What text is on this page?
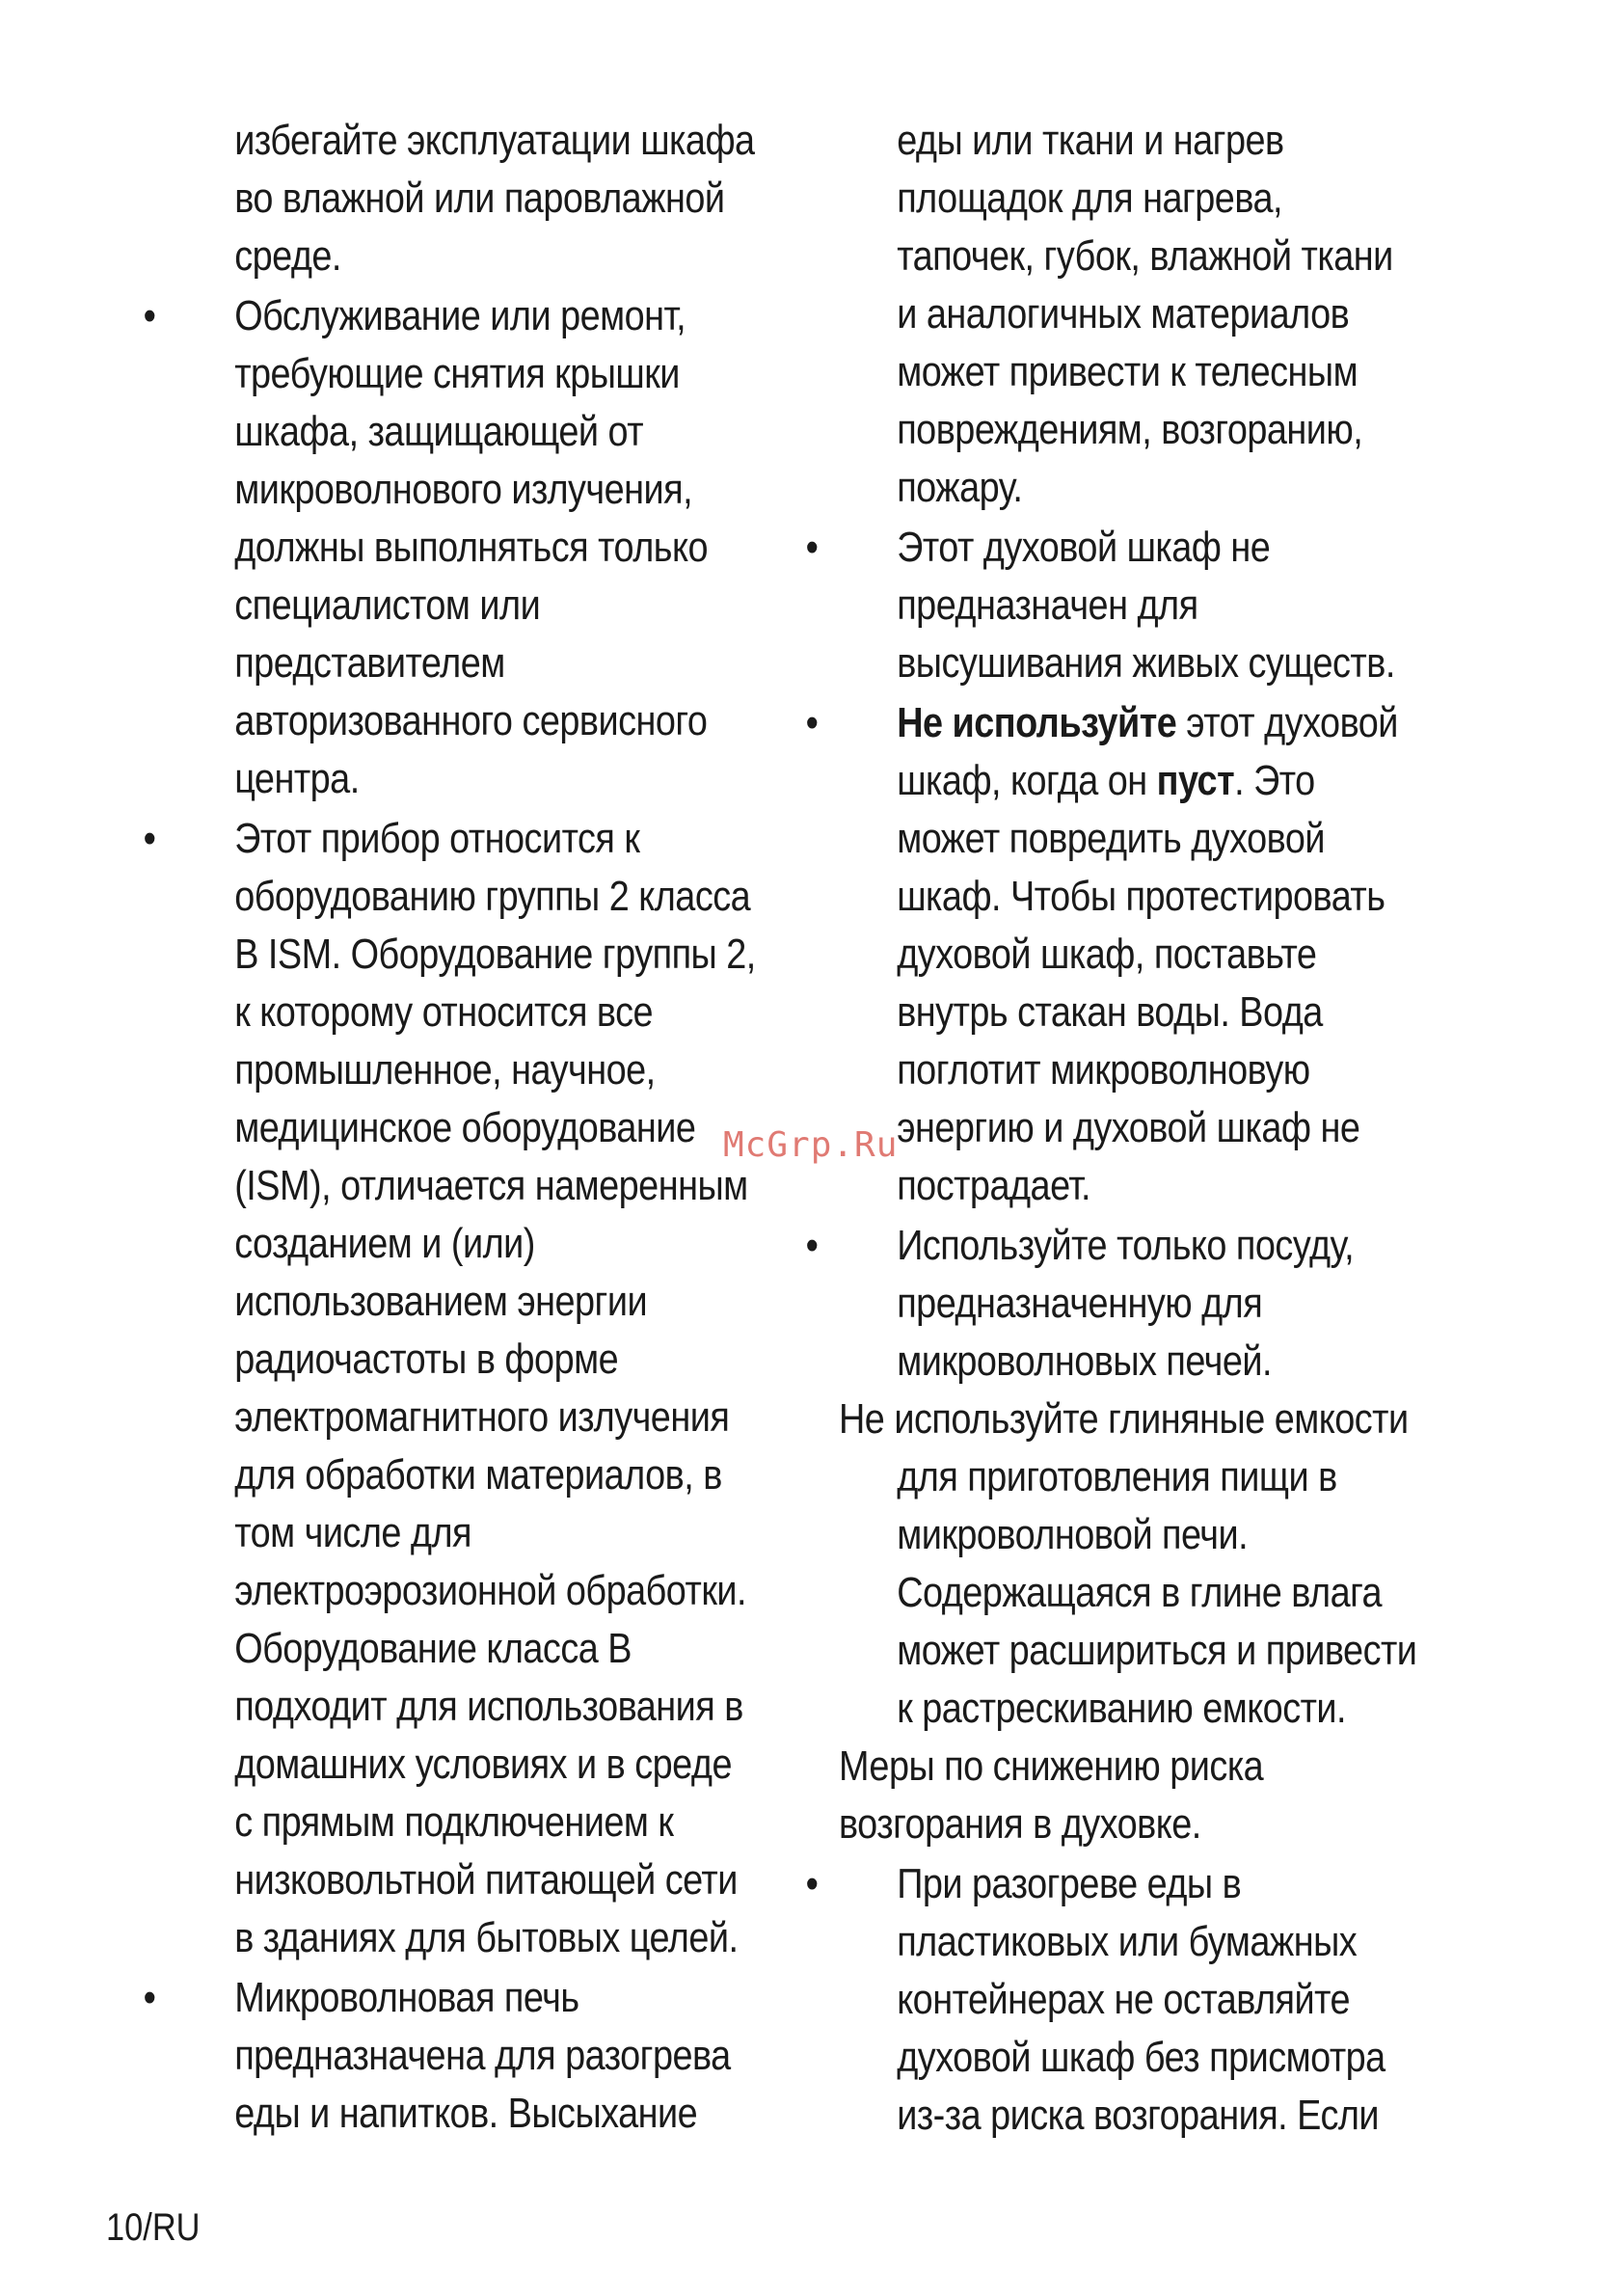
избегайте эксплуатации шкафа
во влажной или паровлажной
среде.
• Обслуживание или ремонт,
требующие снятия крышки
шкафа, защищающей от
микроволнового излучения,
должны выполняться только
специалистом или
представителем
авторизованного сервисного
центра.
• Этот прибор относится к
оборудованию группы 2 класса
B ISM. Оборудование группы 2,
к которому относится все
промышленное, научное,
медицинское оборудование
(ISM), отличается намеренным
созданием и (или)
использованием энергии
радиочастоты в форме
электромагнитного излучения
для обработки материалов, в
том числе для
электроэрозионной обработки.
Оборудование класса B
подходит для использования в
домашних условиях и в среде
с прямым подключением к
низковольтной питающей сети
в зданиях для бытовых целей.
• Микроволновая печь
предназначена для разогрева
еды и напитков. Высыхание
еды или ткани и нагрев
площадок для нагрева,
тапочек, губок, влажной ткани
и аналогичных материалов
может привести к телесным
повреждениям, возгоранию,
пожару.
• Этот духовой шкаф не
предназначен для
высушивания живых существ.
• Не используйте этот духовой
шкаф, когда он пуст. Это
может повредить духовой
шкаф. Чтобы протестировать
духовой шкаф, поставьте
внутрь стакан воды. Вода
поглотит микроволновую
энергию и духовой шкаф не
пострадает.
• Используйте только посуду,
предназначенную для
микроволновых печей.
Не используйте глиняные емкости
для приготовления пищи в
микроволновой печи.
Содержащаяся в глине влага
может расшириться и привести
к растрескиванию емкости.
Меры по снижению риска
возгорания в духовке.
• При разогреве еды в
пластиковых или бумажных
контейнерах не оставляйте
духовой шкаф без присмотра
из-за риска возгорания. Если
McGrp.Ru
10/RU
